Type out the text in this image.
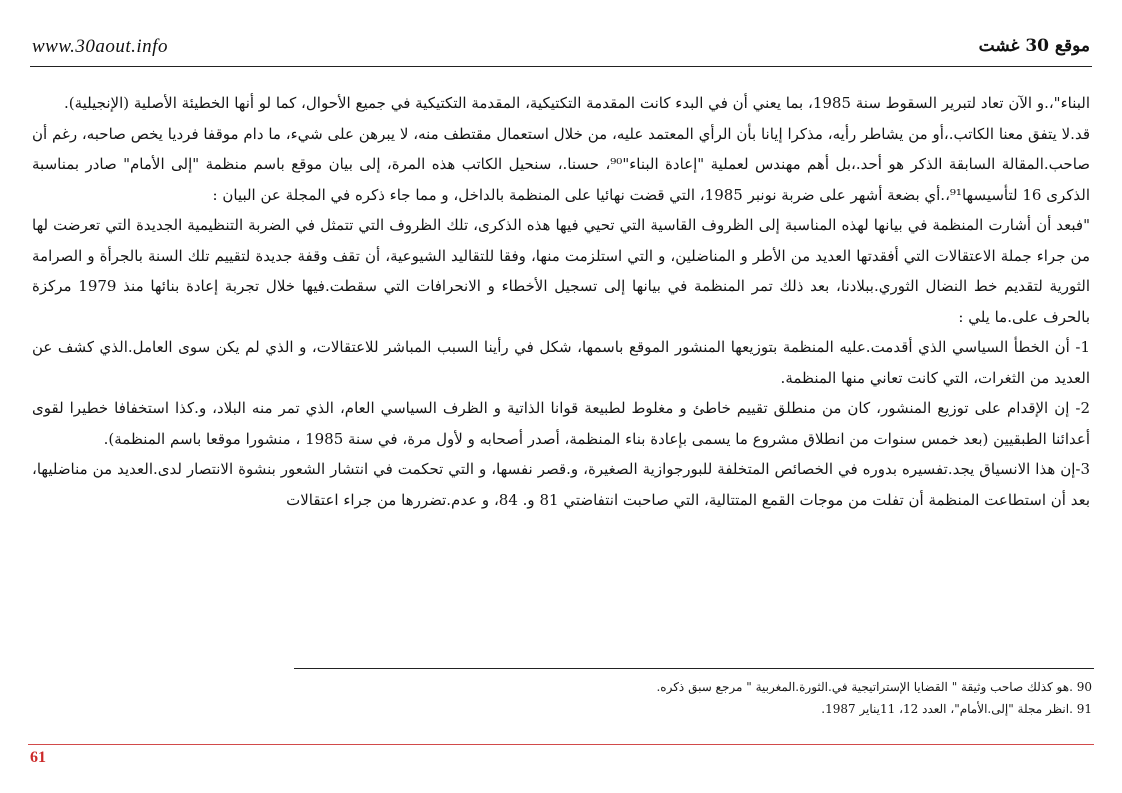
www.30aout.info	موقع 30 غشت

البناء"،.و الآن تعاد لتبرير السقوط سنة 1985، بما يعني أن في البدء كانت المقدمة التكتيكية، المقدمة التكتيكية في جميع الأحوال، كما لو أنها الخطيئة الأصلية (الإنجيلية).

قد.لا يتفق معنا الكاتب.،أو من يشاطر رأيه، مذكرا إيانا بأن الرأي المعتمد عليه، من خلال استعمال مقتطف منه، لا يبرهن على شيء، ما دام موقفا فرديا يخص صاحبه، رغم أن صاحب.المقالة السابقة الذكر هو أحد.،بل أهم مهندس لعملية "إعادة البناء"⁹⁰، حسنا.، سنحيل الكاتب هذه المرة، إلى بيان موقع باسم منظمة "إلى الأمام" صادر بمناسبة الذكرى 16 لتأسيسها⁹¹،.أي بضعة أشهر على ضربة نونبر 1985، التي قضت نهائيا على المنظمة بالداخل، و مما جاء ذكره في المجلة عن البيان :

"فبعد أن أشارت المنظمة في بيانها لهذه المناسبة إلى الظروف القاسية التي تحيي فيها هذه الذكرى، تلك الظروف التي تتمثل في الضربة التنظيمية الجديدة التي تعرضت لها من جراء جملة الاعتقالات التي أفقدتها العديد من الأطر و المناضلين، و التي استلزمت منها، وفقا للتقاليد الشيوعية، أن تقف وقفة جديدة لتقييم تلك السنة بالجرأة و الصرامة الثورية لتقديم خط النضال الثوري.ببلادنا، بعد ذلك تمر المنظمة في بيانها إلى تسجيل الأخطاء و الانحرافات التي سقطت.فيها خلال تجربة إعادة بنائها منذ 1979 مركزة بالحرف على.ما يلي :

1- أن الخطأ السياسي الذي أقدمت.عليه المنظمة بتوزيعها المنشور الموقع باسمها، شكل في رأينا السبب المباشر للاعتقالات، و الذي لم يكن سوى العامل.الذي كشف عن العديد من الثغرات، التي كانت تعاني منها المنظمة.

2- إن الإقدام على توزيع المنشور، كان من منطلق تقييم خاطئ و مغلوط لطبيعة قوانا الذاتية و الظرف السياسي العام، الذي تمر منه البلاد، و.كذا استخفافا خطيرا لقوى أعدائنا الطبقيين (بعد خمس سنوات من انطلاق مشروع ما يسمى بإعادة بناء المنظمة، أصدر أصحابه و لأول مرة، في سنة 1985 ، منشورا موقعا باسم المنظمة).

3-إن هذا الانسياق يجد.تفسيره بدوره في الخصائص المتخلفة للبورجوازية الصغيرة، و.قصر نفسها، و التي تحكمت في انتشار الشعور بنشوة الانتصار لدى.العديد من مناضليها، بعد أن استطاعت المنظمة أن تفلت من موجات القمع المتتالية، التي صاحبت انتفاضتي 81 و. 84، و عدم.تضررها من جراء اعتقالات

90 .هو كذلك صاحب وثيقة " القضايا الإستراتيجية في.الثورة.المغربية " مرجع سبق ذكره.

91 .انظر مجلة "إلى.الأمام"، العدد 12، 11يناير 1987.

61
